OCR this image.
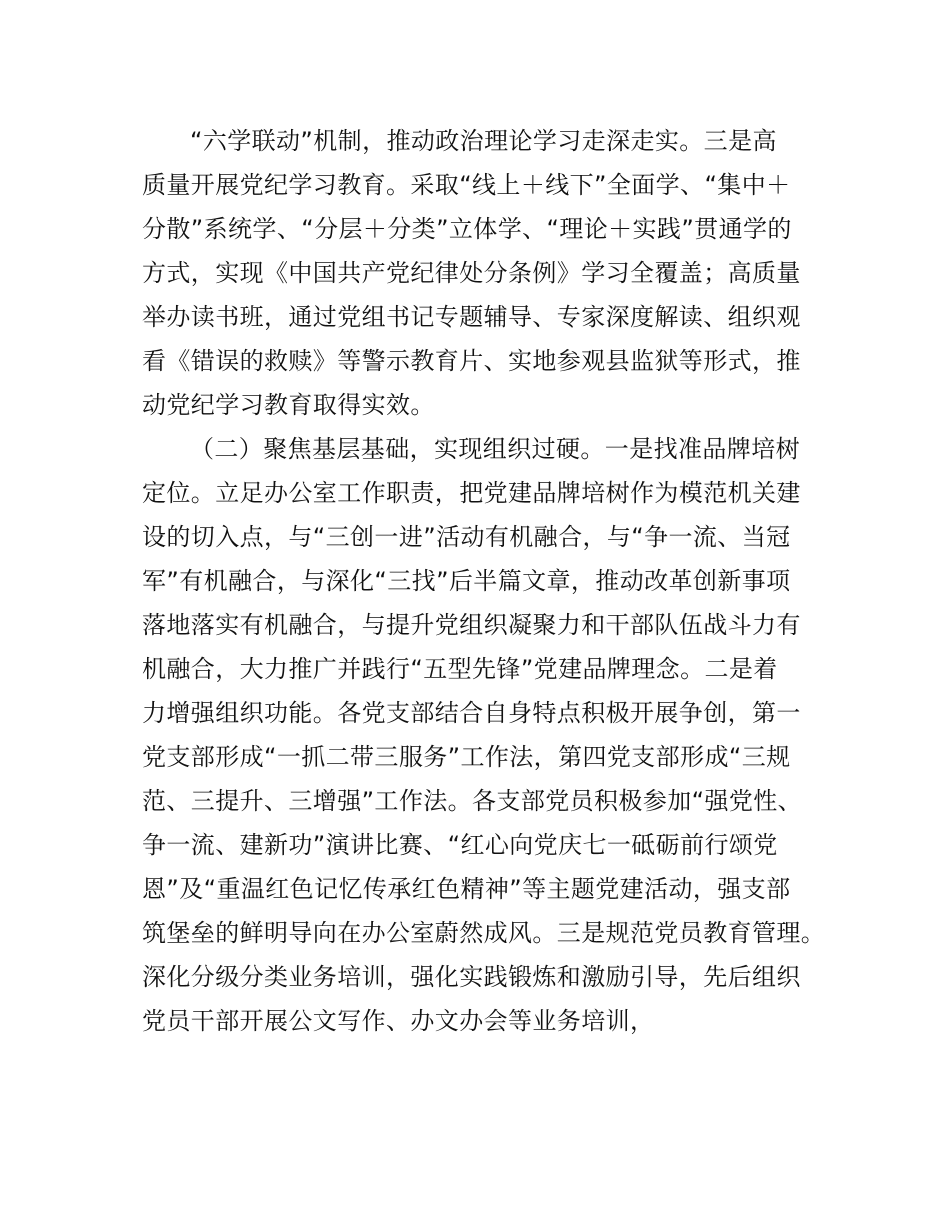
“六学联动”机制，推动政治理论学习走深走实。三是高
质量开展党纪学习教育。采取“线上＋线下”全面学、“集中＋
分散”系统学、“分层＋分类”立体学、“理论＋实践”贯通学的
方式，实现《中国共产党纪律处分条例》学习全覆盖；高质量
举办读书班，通过党组书记专题辅导、专家深度解读、组织观
看《错误的救赎》等警示教育片、实地参观县监狱等形式，推
动党纪学习教育取得实效。
（二）聚焦基层基础，实现组织过硬。一是找准品牌培树
定位。立足办公室工作职责，把党建品牌培树作为模范机关建
设的切入点，与“三创一进”活动有机融合，与“争一流、当冠
军”有机融合，与深化“三找”后半篇文章，推动改革创新事项
落地落实有机融合，与提升党组织凝聚力和干部队伍战斗力有
机融合，大力推广并践行“五型先锋”党建品牌理念。二是着
力增强组织功能。各党支部结合自身特点积极开展争创，第一
党支部形成“一抓二带三服务”工作法，第四党支部形成“三规
范、三提升、三增强”工作法。各支部党员积极参加“强党性、
争一流、建新功”演讲比赛、“红心向党庆七一砥砺前行颂党
恩”及“重温红色记忆传承红色精神”等主题党建活动，强支部
筑堡垒的鲜明导向在办公室蔚然成风。三是规范党员教育管理。
深化分级分类业务培训，强化实践锻炼和激励引导，先后组织
党员干部开展公文写作、办文办会等业务培训，
